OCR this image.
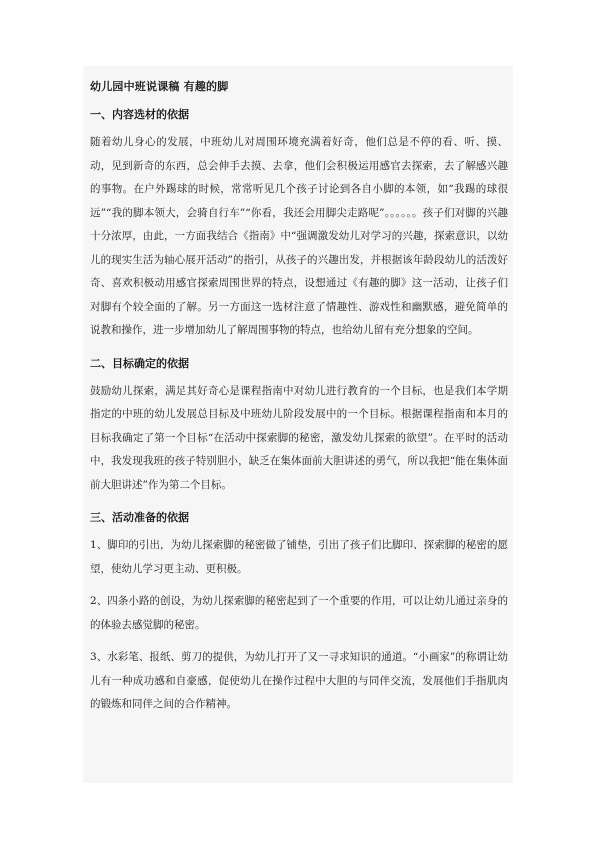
幼儿园中班说课稿 有趣的脚
一、内容选材的依据
随着幼儿身心的发展，中班幼儿对周围环境充满着好奇，他们总是不停的看、听、摸、动，见到新奇的东西，总会伸手去摸、去拿，他们会积极运用感官去探索，去了解感兴趣的事物。在户外踢球的时候，常常听见几个孩子讨论到各自小脚的本领，如“我踢的球很远”“我的脚本领大，会骑自行车”“你看，我还会用脚尖走路呢”。。。。。。孩子们对脚的兴趣十分浓厚，由此，一方面我结合《指南》中“强调激发幼儿对学习的兴趣，探索意识，以幼儿的现实生活为轴心展开活动”的指引，从孩子的兴趣出发，并根据该年龄段幼儿的活泼好奇、喜欢积极动用感官探索周围世界的特点，设想通过《有趣的脚》这一活动，让孩子们对脚有个较全面的了解。另一方面这一选材注意了情趣性、游戏性和幽默感，避免简单的说教和操作，进一步增加幼儿了解周围事物的特点，也给幼儿留有充分想象的空间。
二、目标确定的依据
鼓励幼儿探索，满足其好奇心是课程指南中对幼儿进行教育的一个目标，也是我们本学期指定的中班的幼儿发展总目标及中班幼儿阶段发展中的一个目标。根据课程指南和本月的目标我确定了第一个目标“在活动中探索脚的秘密，激发幼儿探索的欲望”。在平时的活动中，我发现我班的孩子特别胆小，缺乏在集体面前大胆讲述的勇气，所以我把“能在集体面前大胆讲述”作为第二个目标。
三、活动准备的依据
1、脚印的引出，为幼儿探索脚的秘密做了铺垫，引出了孩子们比脚印、探索脚的秘密的愿望，使幼儿学习更主动、更积极。
2、四条小路的创设，为幼儿探索脚的秘密起到了一个重要的作用，可以让幼儿通过亲身的的体验去感觉脚的秘密。
3、水彩笔、报纸、剪刀的提供，为幼儿打开了又一寻求知识的通道。“小画家”的称谓让幼儿有一种成功感和自豪感，促使幼儿在操作过程中大胆的与同伴交流，发展他们手指肌肉的锻炼和同伴之间的合作精神。
